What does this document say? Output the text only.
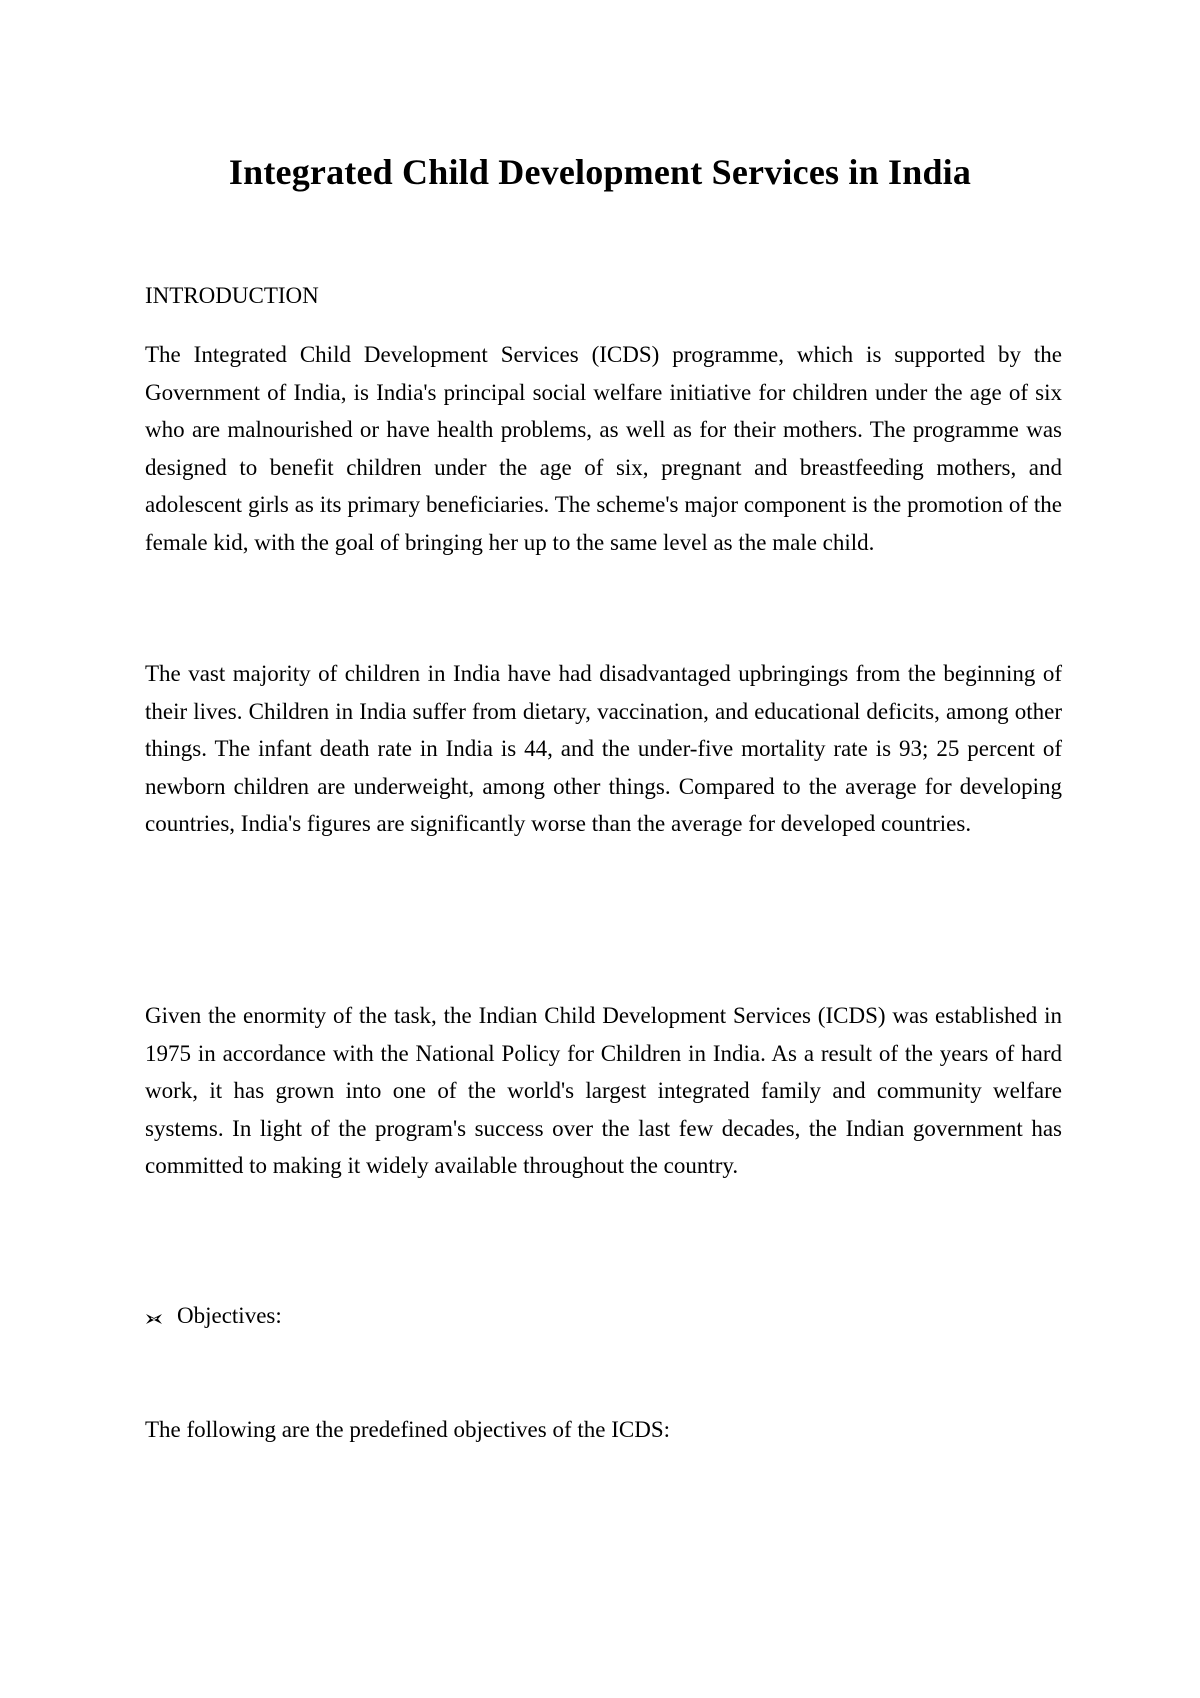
Integrated Child Development Services in India

INTRODUCTION

The Integrated Child Development Services (ICDS) programme, which is supported by the Government of India, is India's principal social welfare initiative for children under the age of six who are malnourished or have health problems, as well as for their mothers. The programme was designed to benefit children under the age of six, pregnant and breastfeeding mothers, and adolescent girls as its primary beneficiaries. The scheme's major component is the promotion of the female kid, with the goal of bringing her up to the same level as the male child.

The vast majority of children in India have had disadvantaged upbringings from the beginning of their lives. Children in India suffer from dietary, vaccination, and educational deficits, among other things. The infant death rate in India is 44, and the under-five mortality rate is 93; 25 percent of newborn children are underweight, among other things. Compared to the average for developing countries, India's figures are significantly worse than the average for developed countries.

Given the enormity of the task, the Indian Child Development Services (ICDS) was established in 1975 in accordance with the National Policy for Children in India. As a result of the years of hard work, it has grown into one of the world's largest integrated family and community welfare systems. In light of the program's success over the last few decades, the Indian government has committed to making it widely available throughout the country.

Objectives:

The following are the predefined objectives of the ICDS:
